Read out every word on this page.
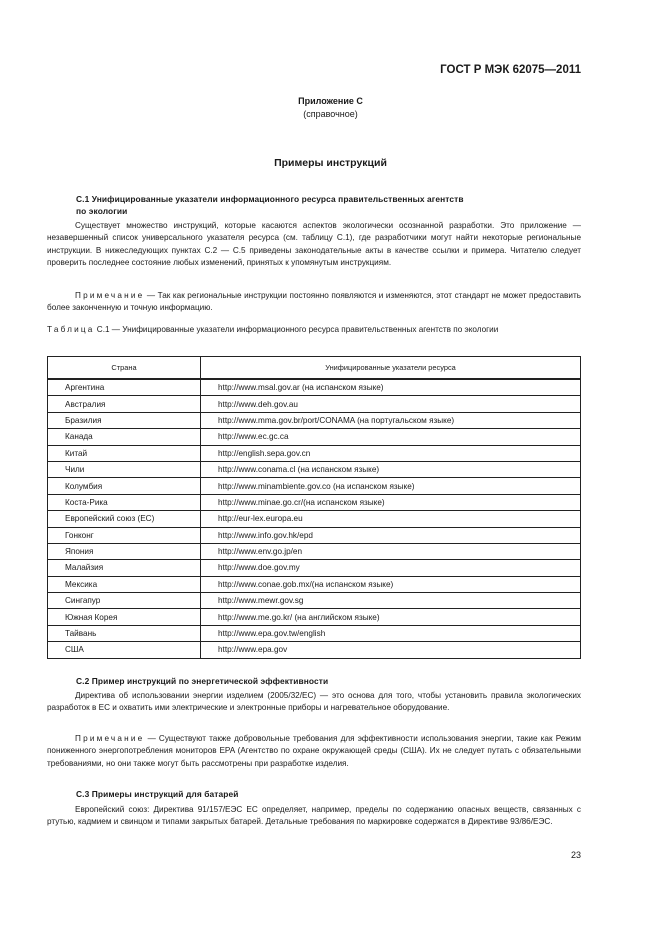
ГОСТ Р МЭК 62075—2011
Приложение С
(справочное)
Примеры инструкций
С.1 Унифицированные указатели информационного ресурса правительственных агентств
по экологии
Существует множество инструкций, которые касаются аспектов экологически осознанной разработки. Это приложение — незавершенный список универсального указателя ресурса (см. таблицу С.1), где разработчики могут найти некоторые региональные инструкции. В нижеследующих пунктах С.2 — С.5 приведены законодательные акты в качестве ссылки и примера. Читателю следует проверить последнее состояние любых изменений, принятых к упомянутым инструкциям.
Примечание — Так как региональные инструкции постоянно появляются и изменяются, этот стандарт не может предоставить более законченную и точную информацию.
Таблица С.1 — Унифицированные указатели информационного ресурса правительственных агентств по экологии
Страна	Унифицированные указатели ресурса
Аргентина	http://www.msal.gov.ar (на испанском языке)
Австралия	http://www.deh.gov.au
Бразилия	http://www.mma.gov.br/port/CONAMA (на португальском языке)
Канада	http://www.ec.gc.ca
Китай	http://english.sepa.gov.cn
Чили	http://www.conama.cl (на испанском языке)
Колумбия	http://www.minambiente.gov.co (на испанском языке)
Коста-Рика	http://www.minae.go.cr/(на испанском языке)
Европейский союз (ЕС)	http://eur-lex.europa.eu
Гонконг	http://www.info.gov.hk/epd
Япония	http://www.env.go.jp/en
Малайзия	http://www.doe.gov.my
Мексика	http://www.conae.gob.mx/(на испанском языке)
Сингапур	http://www.mewr.gov.sg
Южная Корея	http://www.me.go.kr/ (на английском языке)
Тайвань	http://www.epa.gov.tw/english
США	http://www.epa.gov
С.2 Пример инструкций по энергетической эффективности
Директива об использовании энергии изделием (2005/32/ЕС) — это основа для того, чтобы установить правила экологических разработок в ЕС и охватить ими электрические и электронные приборы и нагревательное оборудование.
Примечание — Существуют также добровольные требования для эффективности использования энергии, такие как Режим пониженного энергопотребления мониторов EPA (Агентство по охране окружающей среды (США). Их не следует путать с обязательными требованиями, но они также могут быть рассмотрены при разработке изделия.
С.3 Примеры инструкций для батарей
Европейский союз: Директива 91/157/ЕЭС ЕС определяет, например, пределы по содержанию опасных веществ, связанных с ртутью, кадмием и свинцом и типами закрытых батарей. Детальные требования по маркировке содержатся в Директиве 93/86/ЕЭС.
23
